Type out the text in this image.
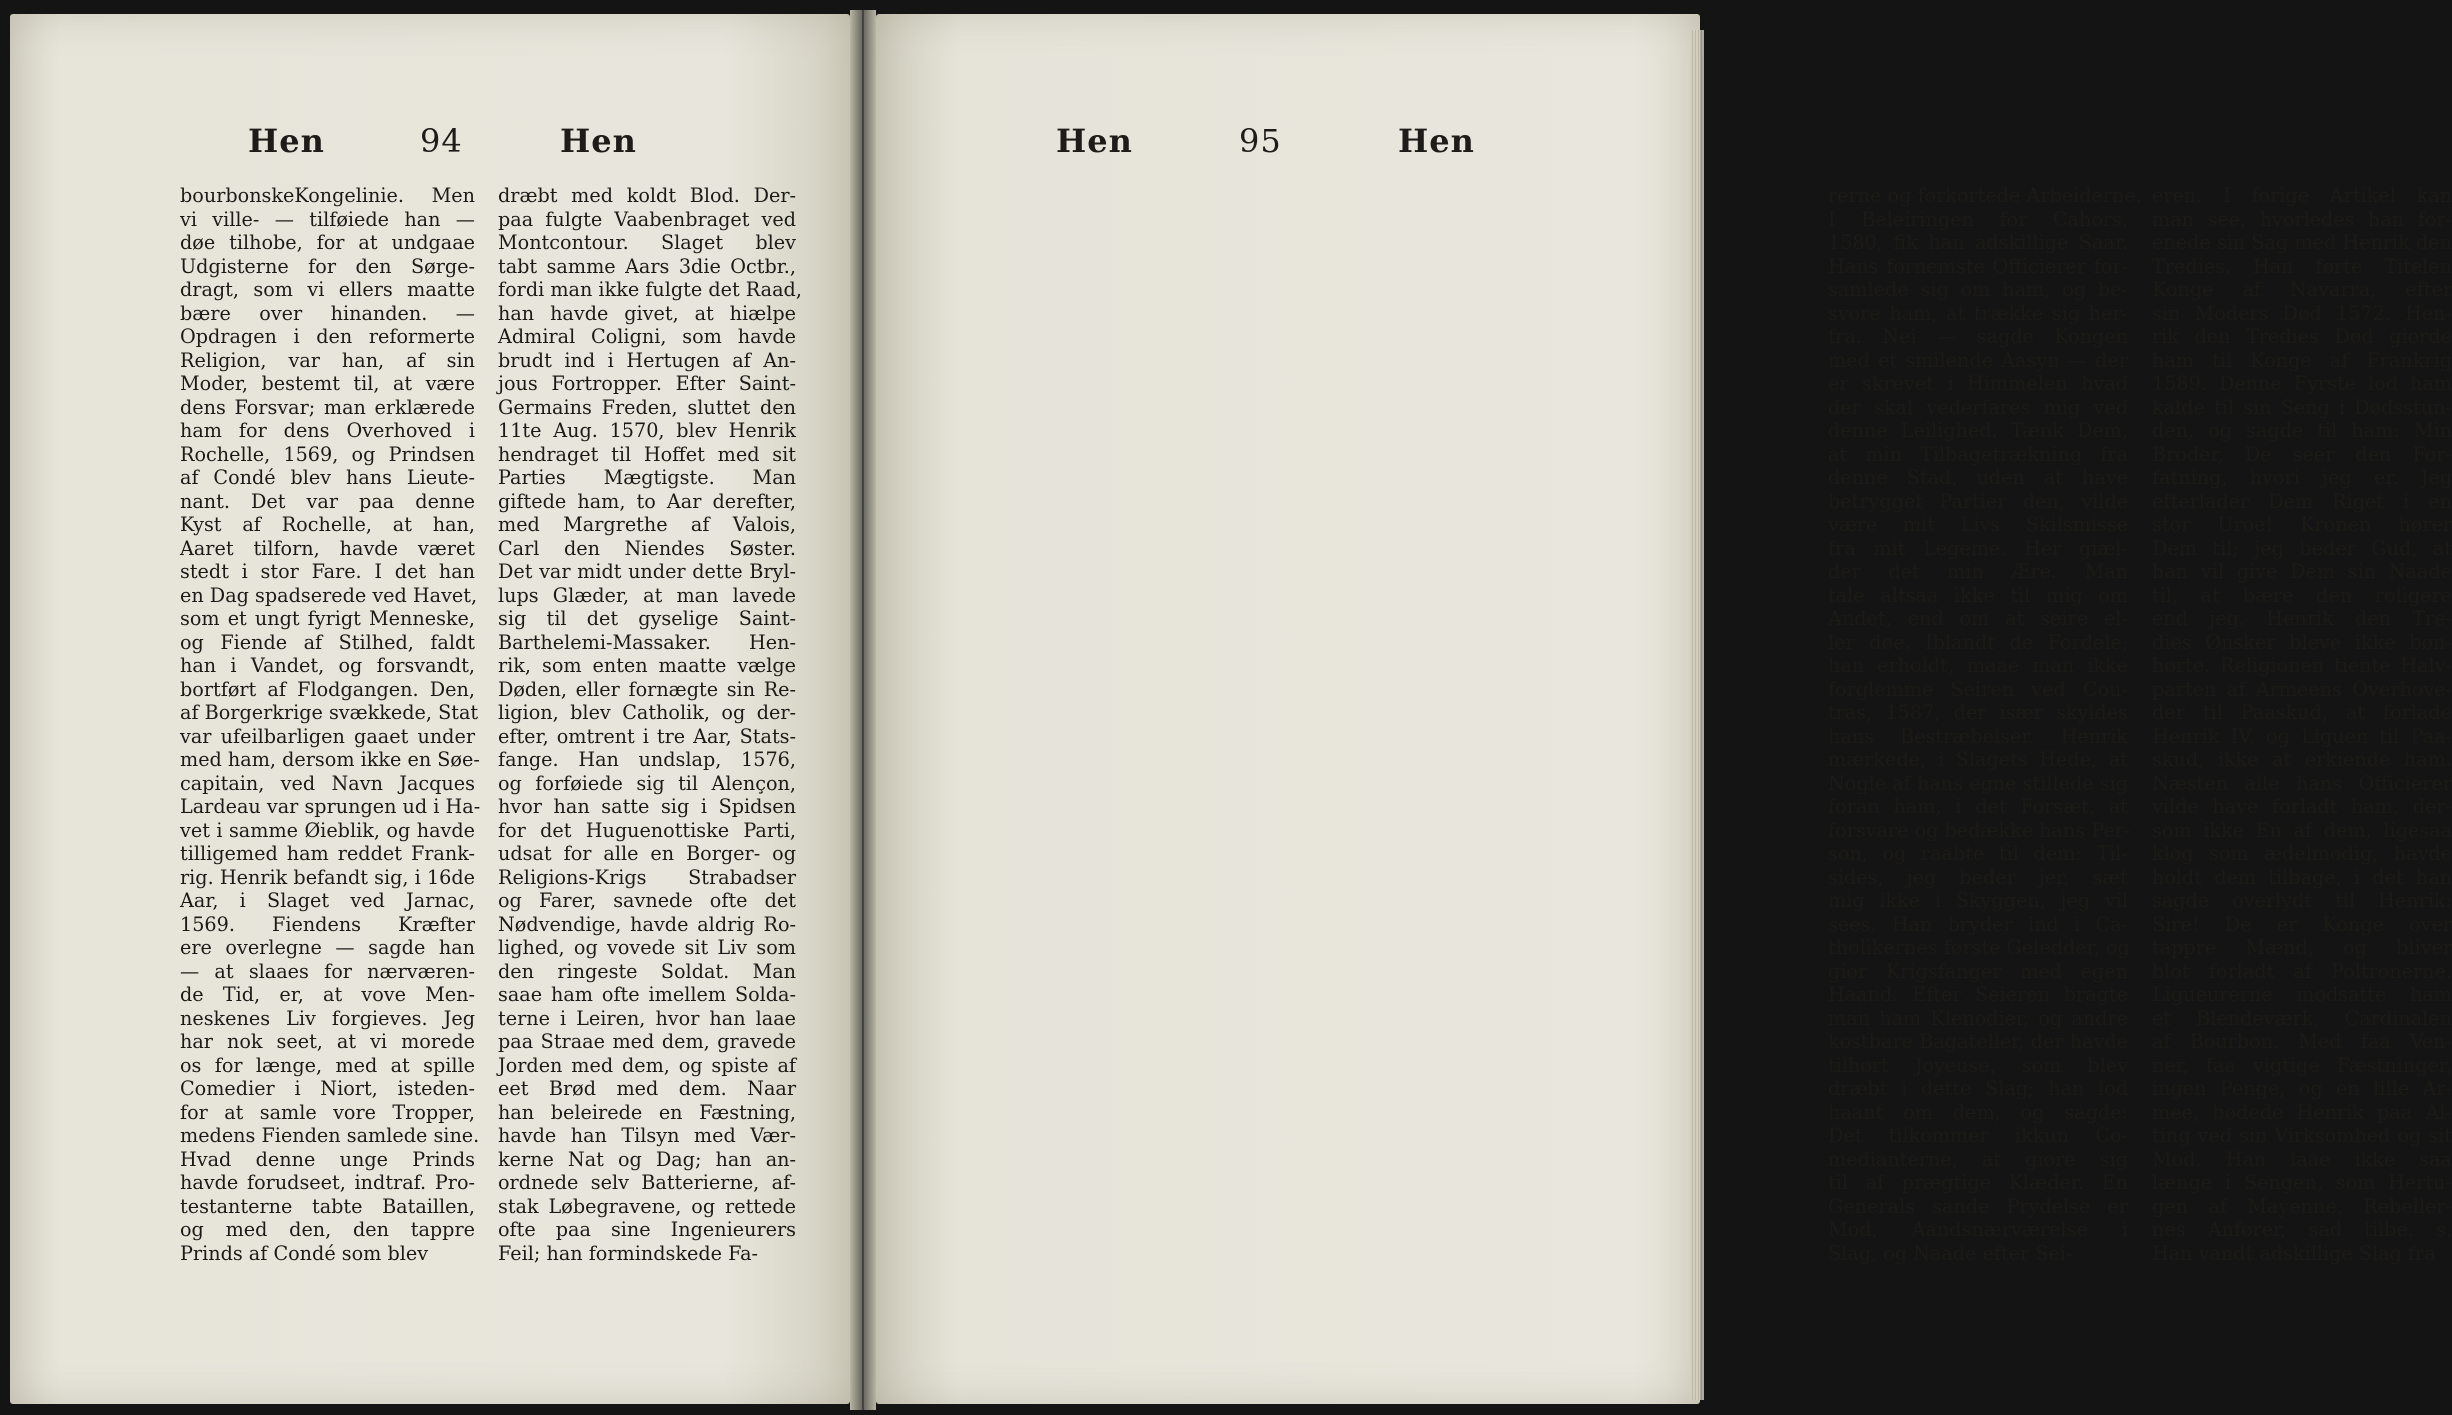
Hen	94	Hen
bourbonskeKongelinie. Men
vi ville- — tilføiede han —
døe tilhobe, for at undgaae
Udgisterne for den Sørge-
dragt, som vi ellers maatte
bære over hinanden. —
Opdragen i den reformerte
Religion, var han, af sin
Moder, bestemt til, at være
dens Forsvar; man erklærede
ham for dens Overhoved i
Rochelle, 1569, og Prindsen
af Condé blev hans Lieute-
nant. Det var paa denne
Kyst af Rochelle, at han,
Aaret tilforn, havde været
stedt i stor Fare. I det han
en Dag spadserede ved Havet,
som et ungt fyrigt Menneske,
og Fiende af Stilhed, faldt
han i Vandet, og forsvandt,
bortført af Flodgangen. Den,
af Borgerkrige svækkede, Stat
var ufeilbarligen gaaet under
med ham, dersom ikke en Søe-
capitain, ved Navn Jacques
Lardeau var sprungen ud i Ha-
vet i samme Øieblik, og havde
tilligemed ham reddet Frank-
rig. Henrik befandt sig, i 16de
Aar, i Slaget ved Jarnac,
1569. Fiendens Kræfter
ere overlegne — sagde han
— at slaaes for nærværen-
de Tid, er, at vove Men-
neskenes Liv forgieves. Jeg
har nok seet, at vi morede
os for længe, med at spille
Comedier i Niort, isteden-
for at samle vore Tropper,
medens Fienden samlede sine.
Hvad denne unge Prinds
havde forudseet, indtraf. Pro-
testanterne tabte Bataillen,
og med den, den tappre
Prinds af Condé som blev
dræbt med koldt Blod. Der-
paa fulgte Vaabenbraget ved
Montcontour. Slaget blev
tabt samme Aars 3die Octbr.,
fordi man ikke fulgte det Raad,
han havde givet, at hiælpe
Admiral Coligni, som havde
brudt ind i Hertugen af An-
jous Fortropper. Efter Saint-
Germains Freden, sluttet den
11te Aug. 1570, blev Henrik
hendraget til Hoffet med sit
Parties Mægtigste. Man
giftede ham, to Aar derefter,
med Margrethe af Valois,
Carl den Niendes Søster.
Det var midt under dette Bryl-
lups Glæder, at man lavede
sig til det gyselige Saint-
Barthelemi-Massaker. Hen-
rik, som enten maatte vælge
Døden, eller fornægte sin Re-
ligion, blev Catholik, og der-
efter, omtrent i tre Aar, Stats-
fange. Han undslap, 1576,
og forføiede sig til Alençon,
hvor han satte sig i Spidsen
for det Huguenottiske Parti,
udsat for alle en Borger- og
Religions-Krigs Strabadser
og Farer, savnede ofte det
Nødvendige, havde aldrig Ro-
lighed, og vovede sit Liv som
den ringeste Soldat. Man
saae ham ofte imellem Solda-
terne i Leiren, hvor han laae
paa Straae med dem, gravede
Jorden med dem, og spiste af
eet Brød med dem. Naar
han beleirede en Fæstning,
havde han Tilsyn med Vær-
kerne Nat og Dag; han an-
ordnede selv Batterierne, af-
stak Løbegravene, og rettede
ofte paa sine Ingenieurers
Feil; han formindskede Fa-
Hen	95	Hen
rerne og forkortede Arbeiderne.
I Beleiringen for Cahors,
1580, fik han adskillige Saar.
Hans fornemste Officierer for-
samlede sig om ham, og be-
svore ham, at trække sig her-
fra. Nei — sagde Kongen
med et smilende Aasyn — der
er skrevet i Himmelen hvad
der skal vederfares mig ved
denne Leilighed. Tænk Dem,
at min Tilbagetrækning fra
denne Stad, uden at have
betrygget Partier den, vilde
være mit Livs Skilsmisse
fra mit Legeme. Her giæl-
der det min Ære. Man
tale altsaa ikke til mig om
Andet, end om at seire el-
ler døe. Iblandt de Fordele,
han erholdt, maae man ikke
forglemme Seiren ved Cou-
tras, 1587, der især skyldes
hans Bestræbelser. Henrik
mærkede, i Slagets Hede, at
Nogle af hans egne stillede sig
foran ham, i det Forsæt, at
forsvare og bedække hans Per-
son, og raabte til dem: Til-
sides, jeg beder jer, sæt
mig ikke i Skyggen, jeg vil
sees. Han bryder ind i Ca-
tholikernes første Geledder, og
giør Krigsfanger med egen
Haand. Efter Seieren bragte
man ham Klenodier, og andre
kostbare Bagateller, der havde
tilhørt Joyeuse, som blev
dræbt i dette Slag; han lod
haant om dem, og sagde:
Det tilkommer ikkun Co-
medianterne, at giøre sig
til af prægtige Klæder. En
Generals sande Prydelse er
Mod, Aandsnærværelse i
Slag, og Naade efter Sei-
eren. I forige Artikel kan
man see, hvorledes han for-
enede sin Sag med Henrik den
Tredies. Han førte Titelen
Konge af Navarra, efter
sin Moders Død 1572. Hen-
rik den Tredies Død giorde
ham til Konge af Frankrig
1589. Denne Fyrste lod ham
kalde til sin Seng i Dødsstun-
den, og sagde til ham: Min
Broder, De seer den For-
fatning, hvori jeg er. Jeg
efterlader Dem Riget i en
stor Uroe! Kronen hører
Dem til; jeg beder Gud, at
han vil give Dem sin Naade
til, at bære den roligere
end jeg. Henrik den Tre-
dies Ønsker bleve ikke bøn-
hørte. Religionen tiente Halv-
parten af Armeens Overhove-
der til Paaskud, at forlade
Henrik IV, og Liguen til Paa-
skud, ikke at erkiende ham.
Næsten alle hans Officierer
vilde have forladt ham, der-
som ikke En af dem, ligesaa
klog som ædelmodig, havde
holdt dem tilbage, i det han
sagde overlydt til Henrik:
Sire! De er Konge over
tappre Mænd, og bliver
blot forladt af Poltronerne.
Ligueurerne modsatte ham
et Blendeværk, Cardinalen
af Bourbon. Med faa Ven-
ner, faa vigtige Fæstninger,
ingen Penge, og en lille Ar-
mee, bødede Henrik paa Al-
ting ved sin Virksomhed og sit
Mod. Han laae ikke saa
længe i Sengen, som Hertu-
gen af Mayenne, Rebeller-
nes Anfører, sad tilbe. s.
Han vandt adskillige Slag fra
